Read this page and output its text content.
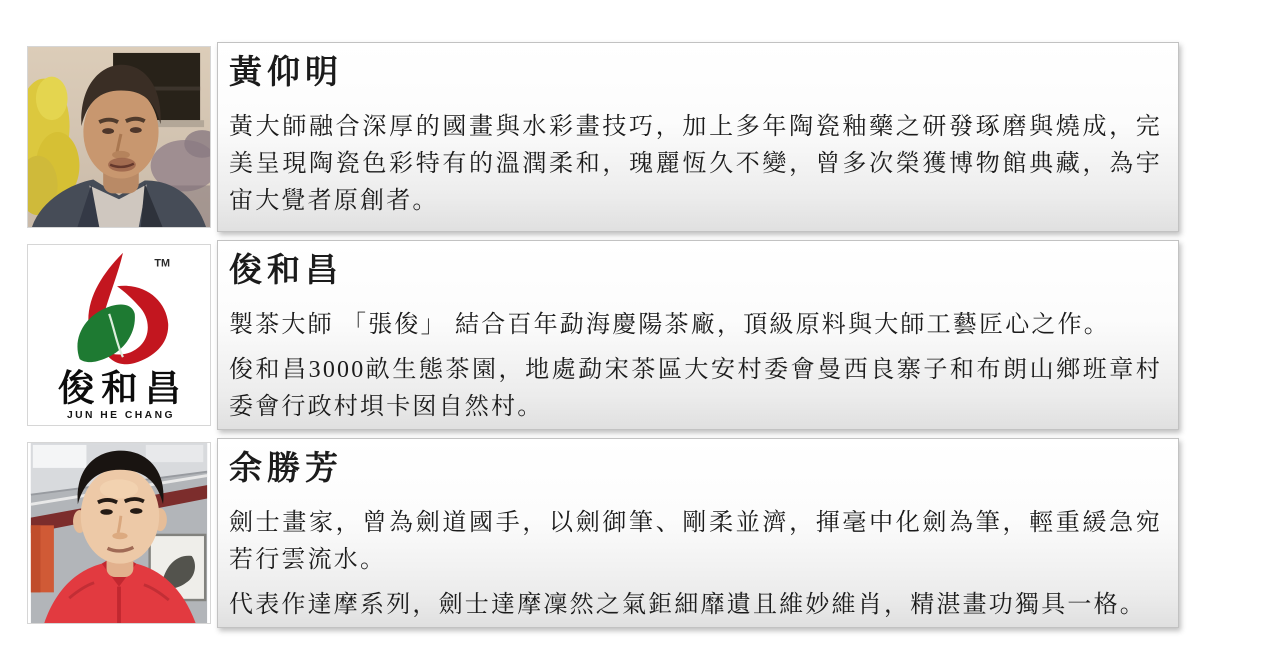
黃仰明

黃大師融合深厚的國畫與水彩畫技巧，加上多年陶瓷釉藥之研發琢磨與燒成，完美呈現陶瓷色彩特有的溫潤柔和，瑰麗恆久不變，曾多次榮獲博物館典藏，為宇宙大覺者原創者。

TM
俊和昌
JUN HE CHANG
俊和昌

製茶大師 「張俊」 結合百年勐海慶陽茶廠，頂級原料與大師工藝匠心之作。

俊和昌3000畝生態茶園，地處勐宋茶區大安村委會曼西良寨子和布朗山鄉班章村委會行政村垻卡囡自然村。

余勝芳

劍士畫家，曾為劍道國手，以劍御筆、剛柔並濟，揮毫中化劍為筆，輕重緩急宛若行雲流水。

代表作達摩系列，劍士達摩凜然之氣鉅細靡遺且維妙維肖，精湛畫功獨具一格。
